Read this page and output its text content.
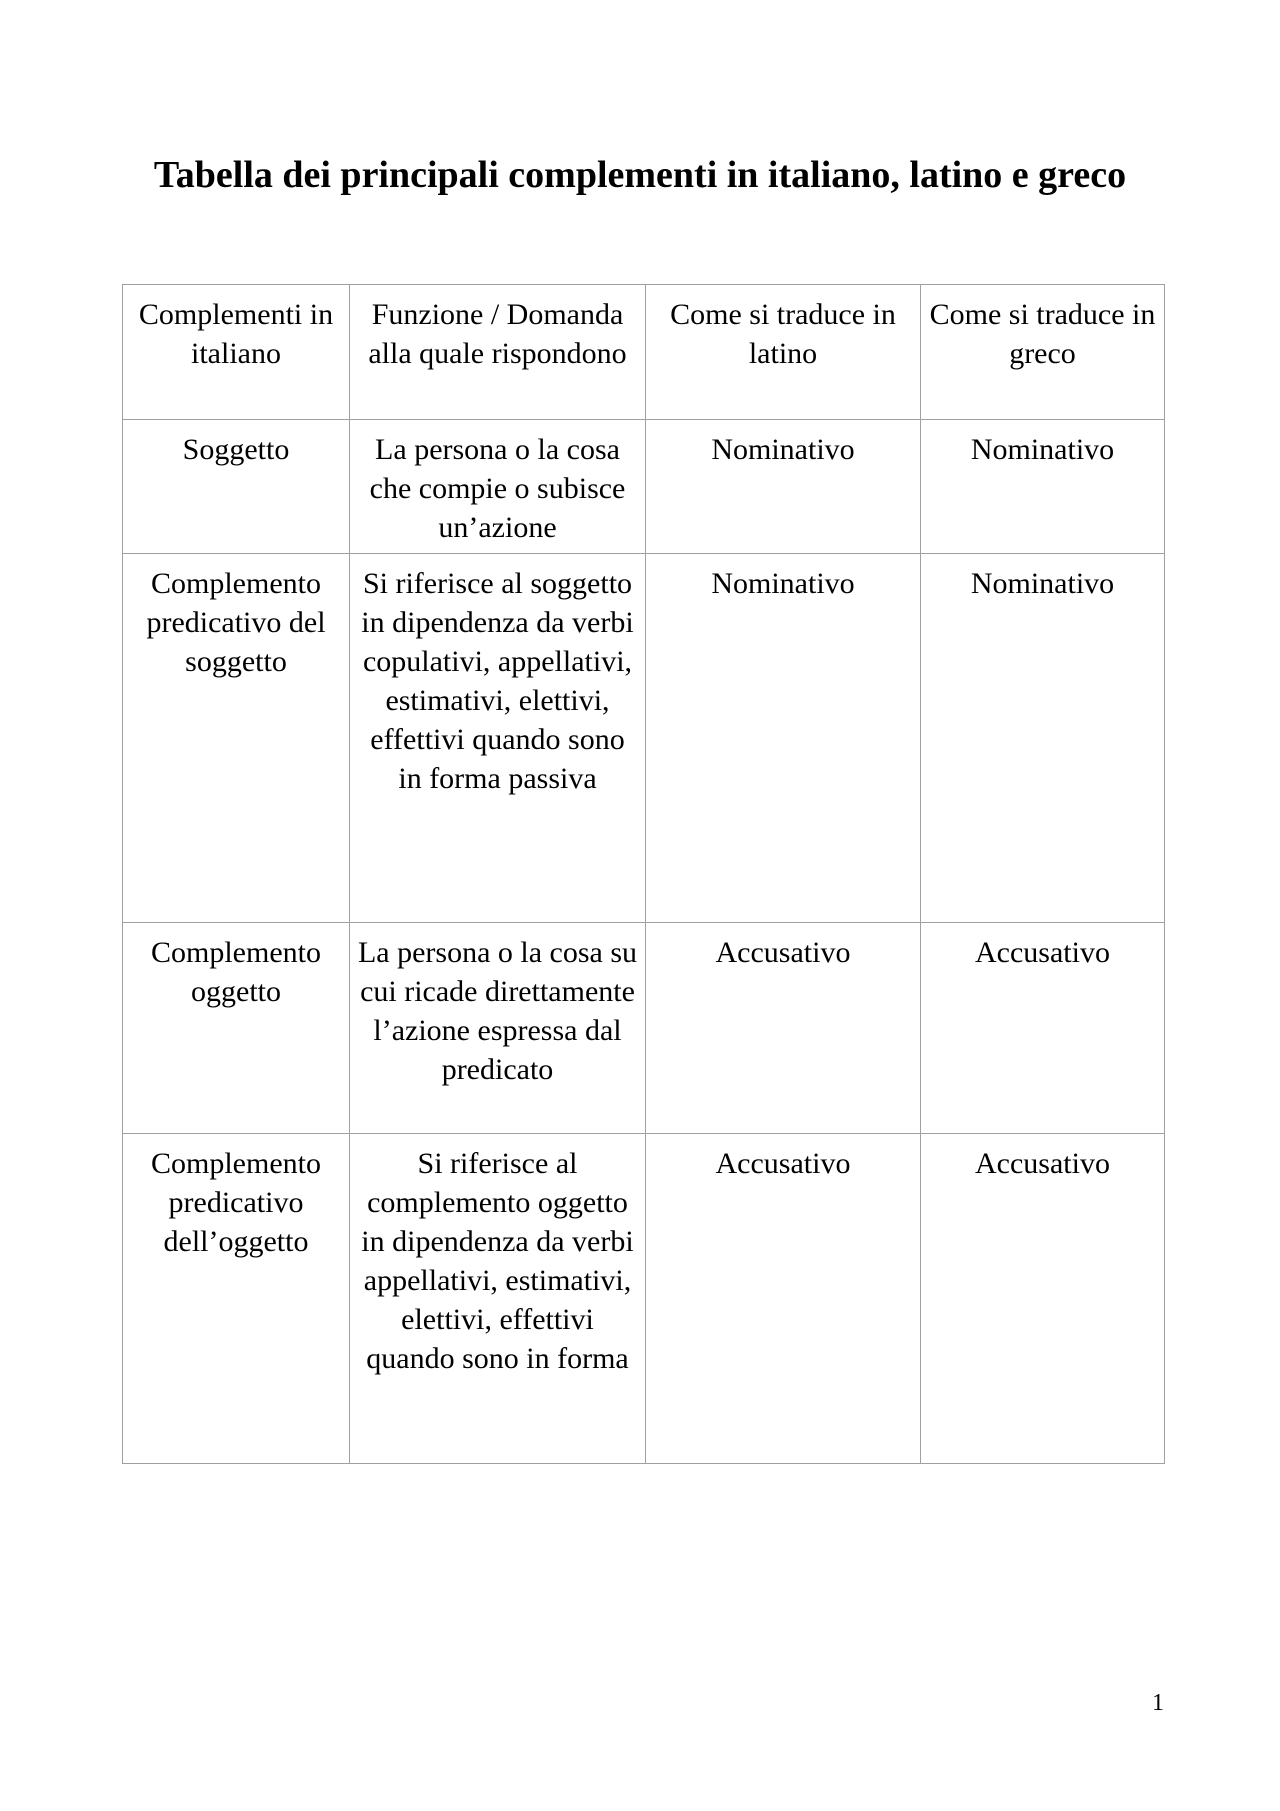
Tabella dei principali complementi in italiano, latino e greco
Complementi in italiano	Funzione / Domanda alla quale rispondono	Come si traduce in latino	Come si traduce in greco

Soggetto	La persona o la cosa che compie o subisce un’azione	Nominativo	Nominativo

Complemento predicativo del soggetto	Si riferisce al soggetto in dipendenza da verbi copulativi, appellativi, estimativi, elettivi, effettivi quando sono in forma passiva	Nominativo	Nominativo

Complemento oggetto	La persona o la cosa su cui ricade direttamente l’azione espressa dal predicato	Accusativo	Accusativo

Complemento predicativo dell’oggetto	Si riferisce al complemento oggetto in dipendenza da verbi appellativi, estimativi, elettivi, effettivi quando sono in forma	Accusativo	Accusativo
1
